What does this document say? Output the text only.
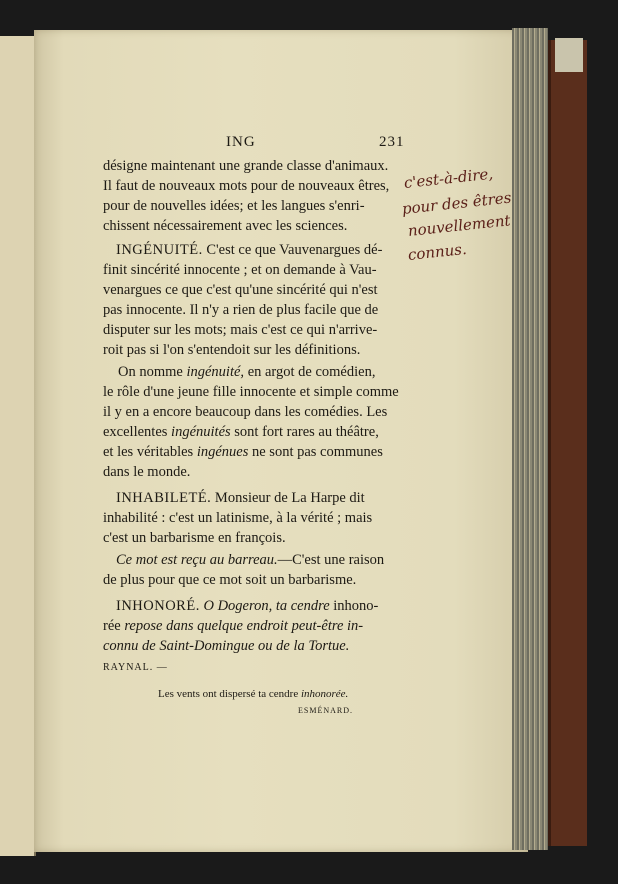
ING	231
désigne maintenant une grande classe d'animaux.
Il faut de nouveaux mots pour de nouveaux êtres,
pour de nouvelles idées; et les langues s'enri-
chissent nécessairement avec les sciences.
INGÉNUITÉ. C'est ce que Vauvenargues dé-
finit sincérité innocente ; et on demande à Vau-
venargues ce que c'est qu'une sincérité qui n'est
pas innocente. Il n'y a rien de plus facile que de
disputer sur les mots; mais c'est ce qui n'arrive-
roit pas si l'on s'entendoit sur les définitions.
On nomme ingénuité, en argot de comédien,
le rôle d'une jeune fille innocente et simple comme
il y en a encore beaucoup dans les comédies. Les
excellentes ingénuités sont fort rares au théâtre,
et les véritables ingénues ne sont pas communes
dans le monde.
INHABILETÉ. Monsieur de La Harpe dit
inhabilité : c'est un latinisme, à la vérité ; mais
c'est un barbarisme en françois.
Ce mot est reçu au barreau.—C'est une raison
de plus pour que ce mot soit un barbarisme.
INHONORÉ. O Dogeron, ta cendre inhono-
rée repose dans quelque endroit peut-être in-
connu de Saint-Domingue ou de la Tortue.
RAYNAL. —
Les vents ont dispersé ta cendre inhonorée.
ESMÉNARD.
c'est-à-dire,
pour des êtres
nouvellement
connus.
